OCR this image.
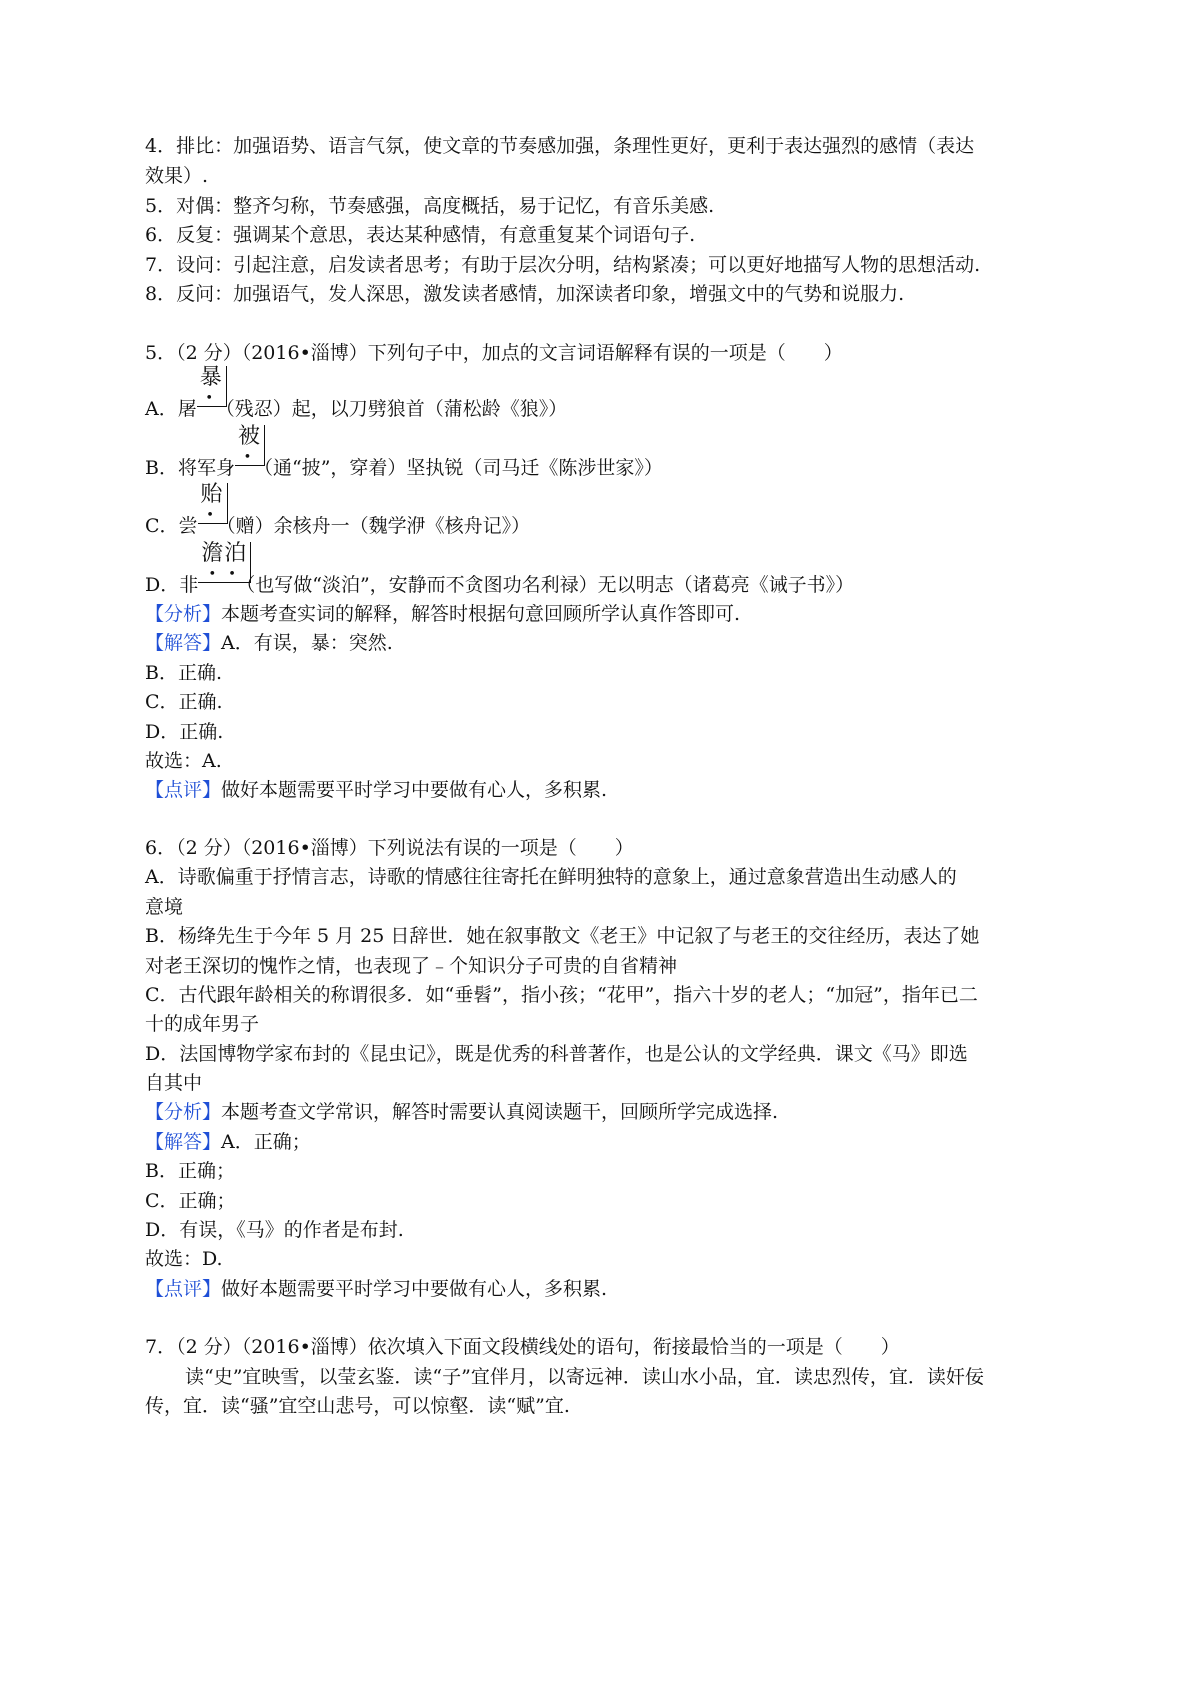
4．排比：加强语势、语言气氛，使文章的节奏感加强，条理性更好，更利于表达强烈的感情（表达
效果）.
5．对偶：整齐匀称，节奏感强，高度概括，易于记忆，有音乐美感.
6．反复：强调某个意思，表达某种感情，有意重复某个词语句子.
7．设问：引起注意，启发读者思考；有助于层次分明，结构紧凑；可以更好地描写人物的思想活动.
8．反问：加强语气，发人深思，激发读者感情，加深读者印象，增强文中的气势和说服力.
5．（2 分）（2016•淄博）下列句子中，加点的文言词语解释有误的一项是（　　）
A．屠
暴
•
（残忍）起，以刀劈狼首（蒲松龄《狼》）
B．将军身
被
•
（通“披”，穿着）坚执锐（司马迁《陈涉世家》）
C．尝
贻
•
（赠）余核舟一（魏学洢《核舟记》）
D．非
澹泊
• •
（也写做“淡泊”，安静而不贪图功名利禄）无以明志（诸葛亮《诫子书》）
【分析】本题考查实词的解释，解答时根据句意回顾所学认真作答即可.
【解答】A．有误，暴：突然.
B．正确.
C．正确.
D．正确.
故选：A.
【点评】做好本题需要平时学习中要做有心人，多积累.
6．（2 分）（2016•淄博）下列说法有误的一项是（　　）
A．诗歌偏重于抒情言志，诗歌的情感往往寄托在鲜明独特的意象上，通过意象营造出生动感人的
意境
B．杨绛先生于今年 5 月 25 日辞世．她在叙事散文《老王》中记叙了与老王的交往经历，表达了她
对老王深切的愧怍之情，也表现了﹣个知识分子可贵的自省精神
C．古代跟年龄相关的称谓很多．如“垂髫”，指小孩；“花甲”，指六十岁的老人；“加冠”，指年已二
十的成年男子
D．法国博物学家布封的《昆虫记》，既是优秀的科普著作，也是公认的文学经典．课文《马》即选
自其中
【分析】本题考查文学常识，解答时需要认真阅读题干，回顾所学完成选择.
【解答】A．正确；
B．正确；
C．正确；
D．有误，《马》的作者是布封.
故选：D.
【点评】做好本题需要平时学习中要做有心人，多积累.
7．（2 分）（2016•淄博）依次填入下面文段横线处的语句，衔接最恰当的一项是（　　）
读“史”宜映雪，以莹玄鉴．读“子”宜伴月，以寄远神．读山水小品，宜．读忠烈传，宜．读奸佞
传，宜．读“骚”宜空山悲号，可以惊壑．读“赋”宜.
